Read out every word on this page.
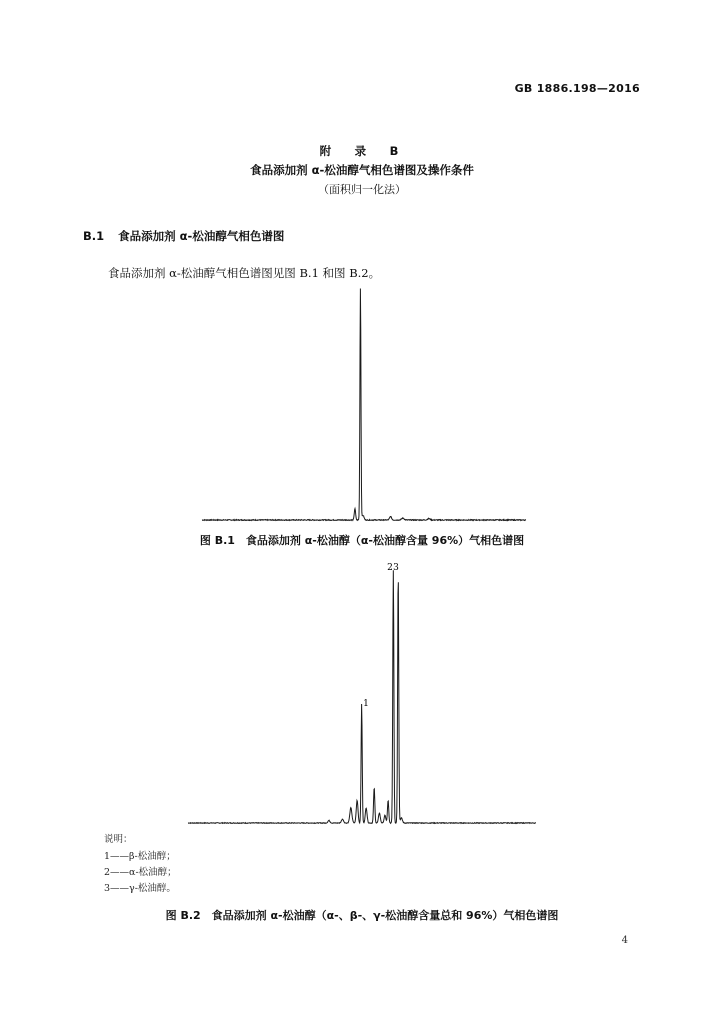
GB 1886.198—2016
附　录　B
食品添加剂 α-松油醇气相色谱图及操作条件
（面积归一化法）
B.1 食品添加剂 α-松油醇气相色谱图
食品添加剂 α-松油醇气相色谱图见图 B.1 和图 B.2。
1
2 3
图 B.1　食品添加剂 α-松油醇（α-松油醇含量 96%）气相色谱图
说明：
1——β-松油醇；
2——α-松油醇；
3——γ-松油醇。
图 B.2　食品添加剂 α-松油醇（α-、β-、γ-松油醇含量总和 96%）气相色谱图
4
